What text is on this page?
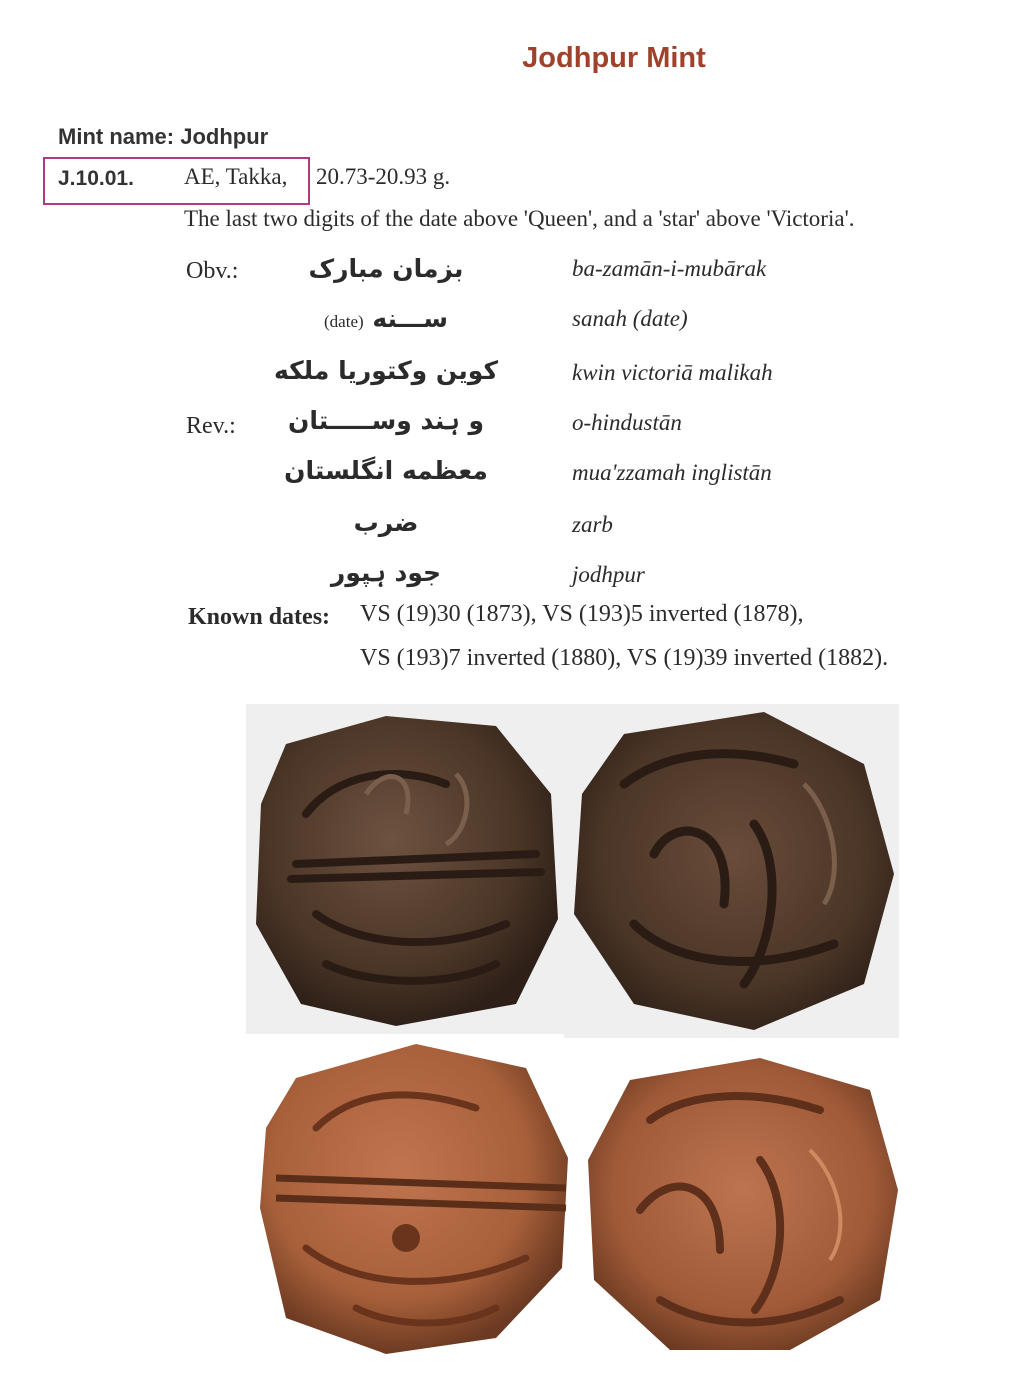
Jodhpur Mint
Mint name: Jodhpur
J.10.01. AE, Takka, 20.73-20.93 g.
The last two digits of the date above 'Queen', and a 'star' above 'Victoria'.
Obv.:	بزمان مبارک	ba-zamān-i-mubārak
ســـنه (date)	sanah (date)
کوین وکتوریا ملکه	kwin victoriā malikah
Rev.:	و ہند وســـــتان	o-hindustān
معظمه انگلستان	mua'zzamah inglistān
ضرب	zarb
جود ہپور	jodhpur
Known dates: VS (19)30 (1873), VS (193)5 inverted (1878),
VS (193)7 inverted (1880), VS (19)39 inverted (1882).
